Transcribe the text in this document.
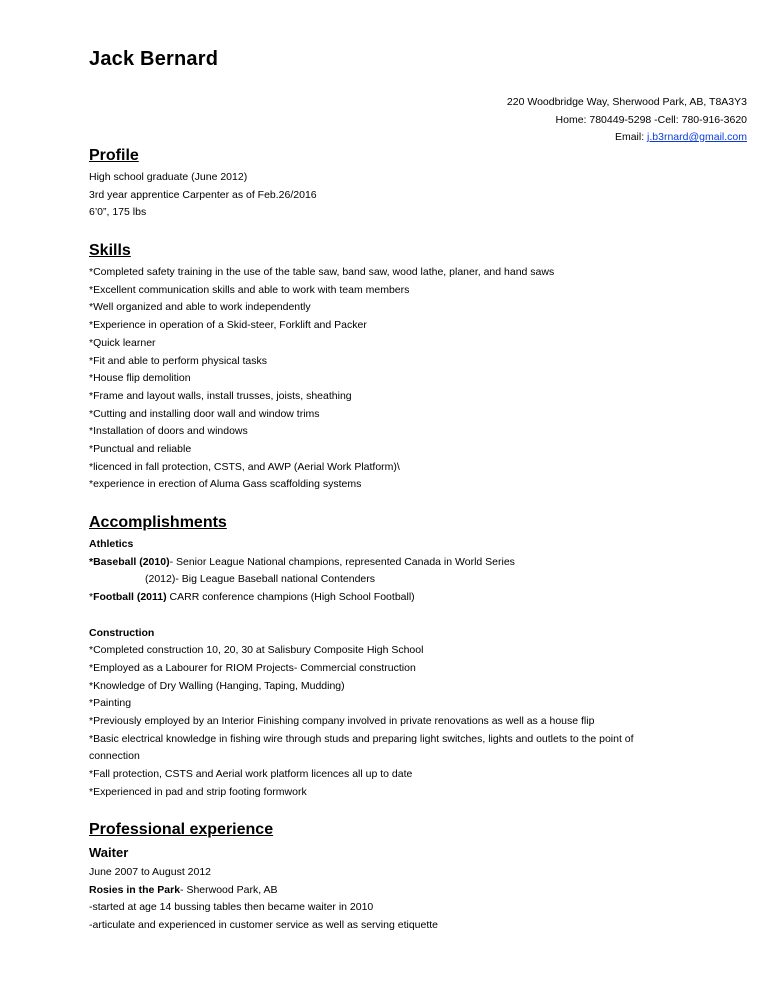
Jack Bernard
220 Woodbridge Way, Sherwood Park, AB, T8A3Y3
Home: 780449-5298 -Cell: 780-916-3620
Email: j.b3rnard@gmail.com
Profile
High school graduate (June 2012)
3rd year apprentice Carpenter as of Feb.26/2016
6’0”, 175 lbs
Skills
*Completed safety training in the use of the table saw, band saw, wood lathe, planer, and hand saws
*Excellent communication skills and able to work with team members
*Well organized and able to work independently
*Experience in operation of a Skid-steer, Forklift and Packer
*Quick learner
*Fit and able to perform physical tasks
*House flip demolition
*Frame and layout walls, install trusses, joists, sheathing
*Cutting and installing door wall and window trims
*Installation of doors and windows
*Punctual and reliable
*licenced in fall protection, CSTS, and AWP (Aerial Work Platform)\
*experience in erection of Aluma Gass scaffolding systems
Accomplishments
Athletics
*Baseball (2010)- Senior League National champions, represented Canada in World Series
(2012)- Big League Baseball national Contenders
*Football (2011) CARR conference champions (High School Football)
Construction
*Completed construction 10, 20, 30 at Salisbury Composite High School
*Employed as a Labourer for RIOM Projects- Commercial construction
*Knowledge of Dry Walling (Hanging, Taping, Mudding)
*Painting
*Previously employed by an Interior Finishing company involved in private renovations as well as a house flip
*Basic electrical knowledge in fishing wire through studs and preparing light switches, lights and outlets to the point of
connection
*Fall protection, CSTS and Aerial work platform licences all up to date
*Experienced in pad and strip footing formwork
Professional experience
Waiter
June 2007 to August 2012
Rosies in the Park- Sherwood Park, AB
-started at age 14 bussing tables then became waiter in 2010
-articulate and experienced in customer service as well as serving etiquette
